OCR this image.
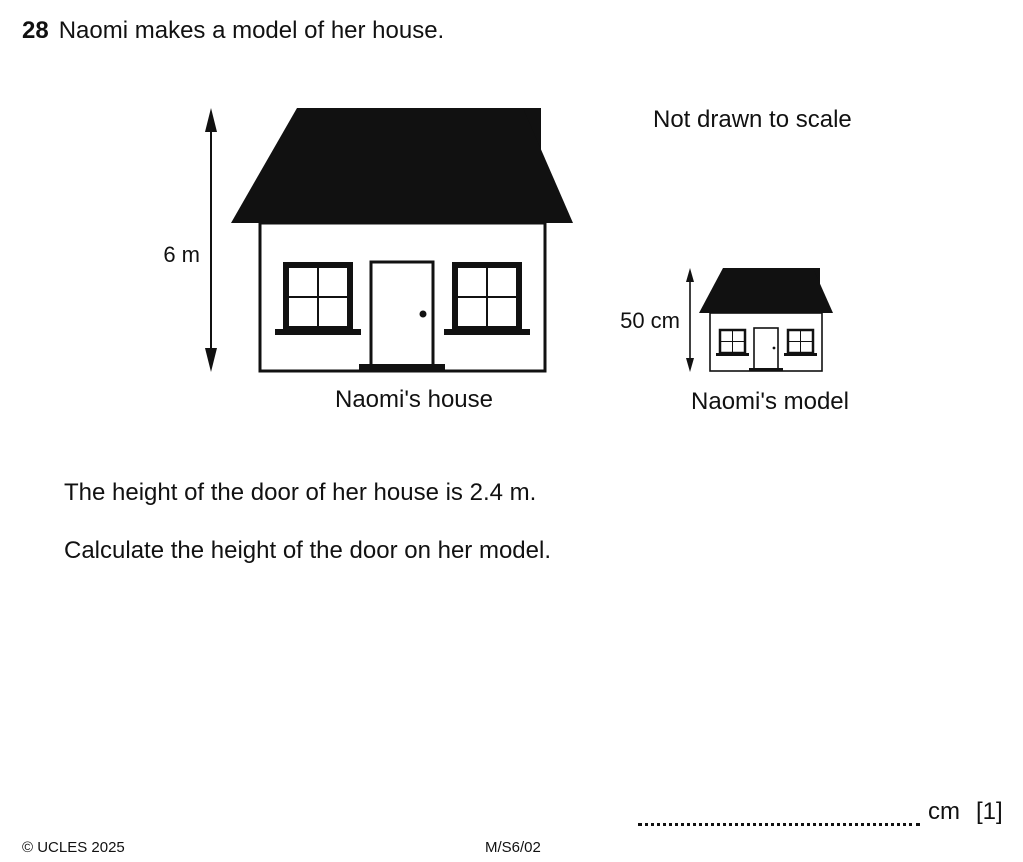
28 Naomi makes a model of her house.
6 m
Naomi's house
50 cm
Naomi's model
Not drawn to scale
The height of the door of her house is 2.4 m.
Calculate the height of the door on her model.
cm [1]
© UCLES 2025	M/S6/02
